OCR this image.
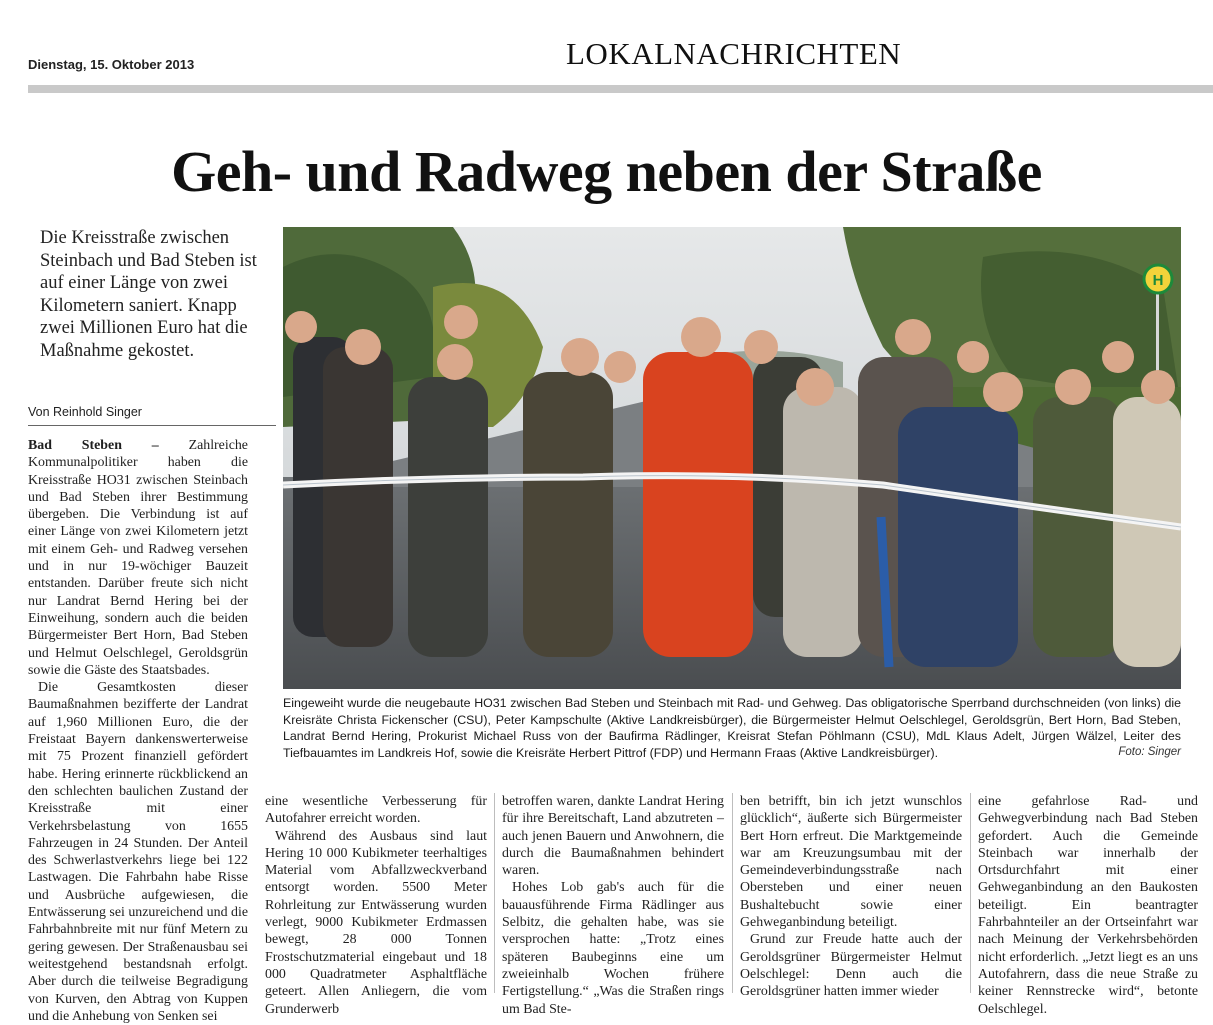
Dienstag, 15. Oktober 2013	LOKALNACHRICHTEN
Geh- und Radweg neben der Straße
Die Kreisstraße zwischen Steinbach und Bad Steben ist auf einer Länge von zwei Kilometern saniert. Knapp zwei Millionen Euro hat die Maßnahme gekostet.
Von Reinhold Singer

Bad Steben – Zahlreiche Kommunalpolitiker haben die Kreisstraße HO31 zwischen Steinbach und Bad Steben ihrer Bestimmung übergeben. Die Verbindung ist auf einer Länge von zwei Kilometern jetzt mit einem Geh- und Radweg versehen und in nur 19-wöchiger Bauzeit entstanden. Darüber freute sich nicht nur Landrat Bernd Hering bei der Einweihung, sondern auch die beiden Bürgermeister Bert Horn, Bad Steben und Helmut Oelschlegel, Geroldsgrün sowie die Gäste des Staatsbades.

Die Gesamtkosten dieser Baumaßnahmen bezifferte der Landrat auf 1,960 Millionen Euro, die der Freistaat Bayern dankenswerterweise mit 75 Prozent finanziell gefördert habe. Hering erinnerte rückblickend an den schlechten baulichen Zustand der Kreisstraße mit einer Verkehrsbelastung von 1655 Fahrzeugen in 24 Stunden. Der Anteil des Schwerlastverkehrs liege bei 122 Lastwagen. Die Fahrbahn habe Risse und Ausbrüche aufgewiesen, die Entwässerung sei unzureichend und die Fahrbahnbreite mit nur fünf Metern zu gering gewesen. Der Straßenausbau sei weitestgehend bestandsnah erfolgt. Aber durch die teilweise Begradigung von Kurven, den Abtrag von Kuppen und die Anhebung von Senken sei

H
Eingeweiht wurde die neugebaute HO31 zwischen Bad Steben und Steinbach mit Rad- und Gehweg. Das obligatorische Sperrband durchschneiden (von links) die Kreisräte Christa Fickenscher (CSU), Peter Kampschulte (Aktive Landkreisbürger), die Bürgermeister Helmut Oelschlegel, Geroldsgrün, Bert Horn, Bad Steben, Landrat Bernd Hering, Prokurist Michael Russ von der Baufirma Rädlinger, Kreisrat Stefan Pöhlmann (CSU), MdL Klaus Adelt, Jürgen Wälzel, Leiter des Tiefbauamtes im Landkreis Hof, sowie die Kreisräte Herbert Pittrof (FDP) und Hermann Fraas (Aktive Landkreisbürger).	Foto: Singer

eine wesentliche Verbesserung für Autofahrer erreicht worden.

Während des Ausbaus sind laut Hering 10 000 Kubikmeter teerhaltiges Material vom Abfallzweckverband entsorgt worden. 5500 Meter Rohrleitung zur Entwässerung wurden verlegt, 9000 Kubikmeter Erdmassen bewegt, 28 000 Tonnen Frostschutzmaterial eingebaut und 18 000 Quadratmeter Asphaltfläche geteert. Allen Anliegern, die vom Grunderwerb

betroffen waren, dankte Landrat Hering für ihre Bereitschaft, Land abzutreten – auch jenen Bauern und Anwohnern, die durch die Baumaßnahmen behindert waren.

Hohes Lob gab's auch für die bauausführende Firma Rädlinger aus Selbitz, die gehalten habe, was sie versprochen hatte: „Trotz eines späteren Baubeginns eine um zweieinhalb Wochen frühere Fertigstellung.“ „Was die Straßen rings um Bad Ste-

ben betrifft, bin ich jetzt wunschlos glücklich“, äußerte sich Bürgermeister Bert Horn erfreut. Die Marktgemeinde war am Kreuzungsumbau mit der Gemeindeverbindungsstraße nach Obersteben und einer neuen Bushaltebucht sowie einer Gehweganbindung beteiligt.

Grund zur Freude hatte auch der Geroldsgrüner Bürgermeister Helmut Oelschlegel: Denn auch die Geroldsgrüner hatten immer wieder

eine gefahrlose Rad- und Gehwegverbindung nach Bad Steben gefordert. Auch die Gemeinde Steinbach war innerhalb der Ortsdurchfahrt mit einer Gehweganbindung an den Baukosten beteiligt. Ein beantragter Fahrbahnteiler an der Ortseinfahrt war nach Meinung der Verkehrsbehörden nicht erforderlich. „Jetzt liegt es an uns Autofahrern, dass die neue Straße zu keiner Rennstrecke wird“, betonte Oelschlegel.
